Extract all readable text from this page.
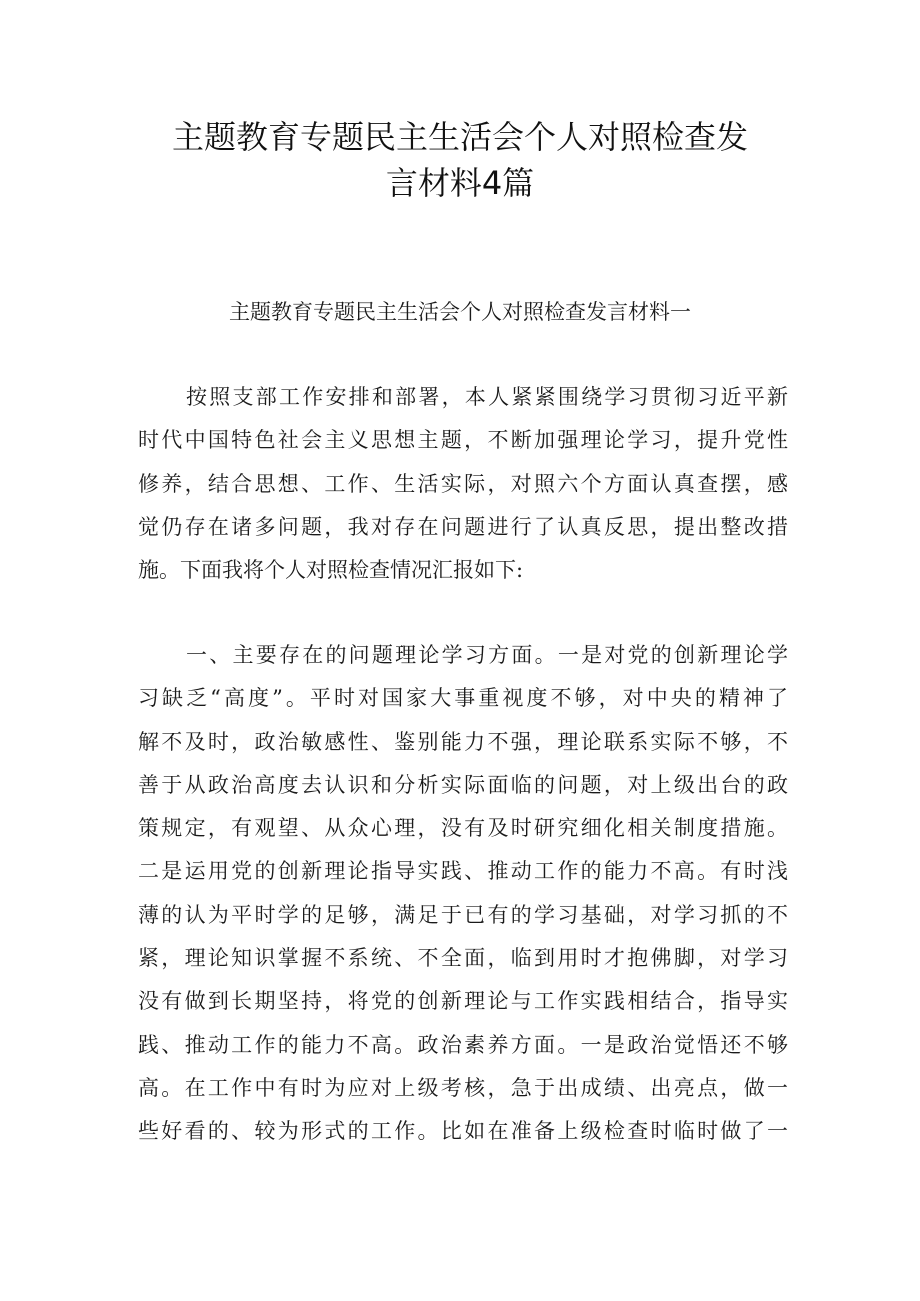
主题教育专题民主生活会个人对照检查发
言材料4篇
主题教育专题民主生活会个人对照检查发言材料一
按照支部工作安排和部署，本人紧紧围绕学习贯彻习近平新
时代中国特色社会主义思想主题，不断加强理论学习，提升党性
修养，结合思想、工作、生活实际，对照六个方面认真查摆，感
觉仍存在诸多问题，我对存在问题进行了认真反思，提出整改措
施。下面我将个人对照检查情况汇报如下:
一、主要存在的问题理论学习方面。一是对党的创新理论学
习缺乏“高度”。平时对国家大事重视度不够，对中央的精神了
解不及时，政治敏感性、鉴别能力不强，理论联系实际不够，不
善于从政治高度去认识和分析实际面临的问题，对上级出台的政
策规定，有观望、从众心理，没有及时研究细化相关制度措施。
二是运用党的创新理论指导实践、推动工作的能力不高。有时浅
薄的认为平时学的足够，满足于已有的学习基础，对学习抓的不
紧，理论知识掌握不系统、不全面，临到用时才抱佛脚，对学习
没有做到长期坚持，将党的创新理论与工作实践相结合，指导实
践、推动工作的能力不高。政治素养方面。一是政治觉悟还不够
高。在工作中有时为应对上级考核，急于出成绩、出亮点，做一
些好看的、较为形式的工作。比如在准备上级检查时临时做了一
